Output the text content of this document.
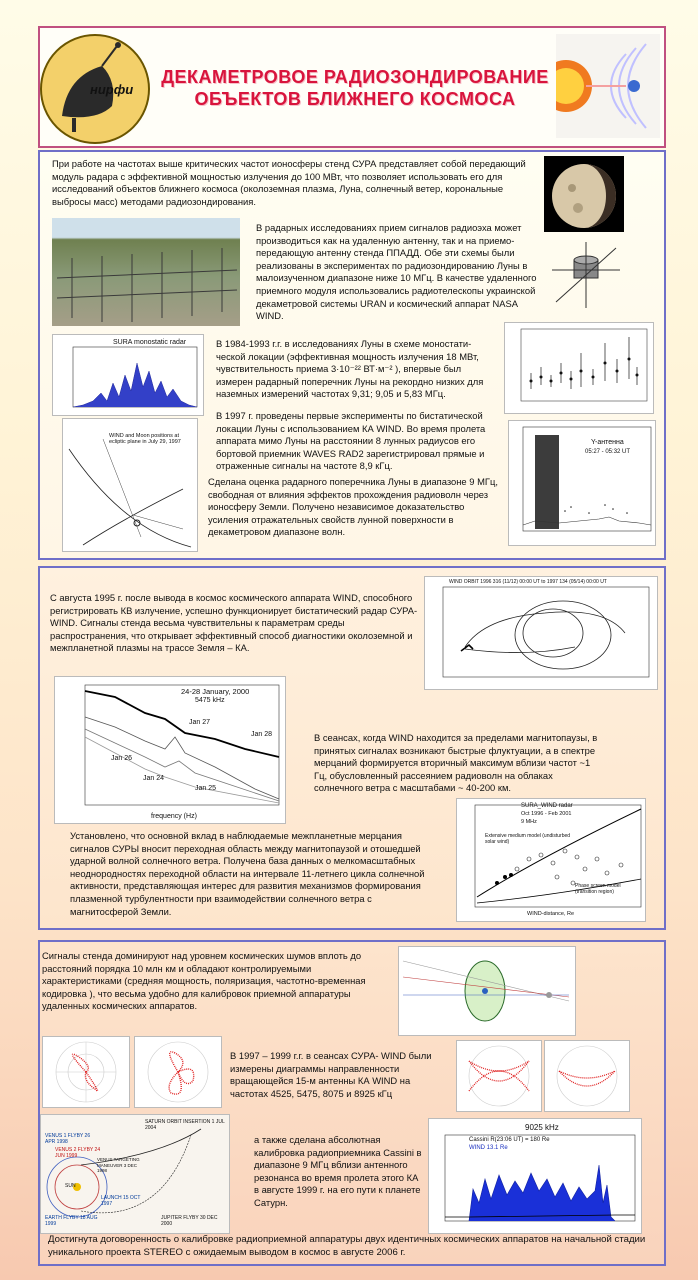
нирфи
ДЕКАМЕТРОВОЕ РАДИОЗОНДИРОВАНИЕ
ОБЪЕКТОВ БЛИЖНЕГО КОСМОСА
При работе на частотах выше критических частот ионосферы стенд СУРА представляет собой передающий модуль радара с эффективной мощностью излучения до 100 МВт, что позволяет использовать его для исследований объектов ближнего космоса (околоземная плазма, Луна, солнечный ветер, корональные выбросы масс) методами радиозондирования.
В радарных исследованиях прием сигналов радиоэха может производиться как на удаленную антенну, так и на приемо-передающую антенну стенда ППАДД. Обе эти схемы были реализованы в экспериментах по радиозондированию Луны в малоизученном диапазоне ниже 10 МГц. В качестве удаленного приемного модуля использовались радиотелескопы украинской декаметровой системы URAN и космический аппарат NASA WIND.
SURA monostatic radar	В 1984-1993 г.г. в исследованиях Луны в схеме моностати-ческой локации (эффективная мощность излучения 18 МВт, чувствительность приема 3·10⁻²² ВТ·м⁻² ), впервые был измерен радарный поперечник Луны на рекордно низких для наземных измерений частотах 9,31; 9,05 и 5,83 МГц.
WIND and Moon positions at ecliptic plane in July 29, 1997
В 1997 г. проведены первые эксперименты по бистатической локации Луны с использованием КА WIND. Во время пролета аппарата мимо Луны на расстоянии 8 лунных радиусов его бортовой приемник WAVES RAD2 зарегистрировал прямые и отраженные сигналы на частоте 8,9 кГц.
Y-антенна
05:27 - 05:32 UT
Сделана оценка радарного поперечника Луны в диапазоне 9 МГц, свободная от влияния эффектов прохождения радиоволн через ионосферу Земли. Получено независимое доказательство усиления отражательных свойств лунной поверхности в декаметровом диапазоне волн.
С августа 1995 г. после вывода в космос космического аппарата WIND, способного регистрировать КВ излучение, успешно функционирует бистатический радар СУРА- WIND. Сигналы стенда весьма чувствительны к параметрам среды распространения, что открывает эффективный способ диагностики околоземной и межпланетной плазмы на трассе Земля – КА.
WIND ORBIT 1996 316 (11/12) 00:00 UT to 1997 134 (05/14) 00:00 UT
24-28 January, 2000
5475 kHz
Jan 27
Jan 28
Jan 26
Jan 24
Jan 25
frequency (Hz)
В сеансах, когда WIND находится за пределами магнитопаузы, в принятых сигналах возникают быстрые флуктуации, а в спектре мерцаний формируется вторичный максимум вблизи частот ~1 Гц, обусловленный рассеянием радиоволн на облаках солнечного ветра с масштабами ~ 40-200 км.
SURA_WIND radar
Oct 1996 - Feb 2001
9 MHz
Extensive medium model (undisturbed solar wind)
Phase screen model (transition region)
WIND-distance, Re
Установлено, что основной вклад в наблюдаемые межпланетные мерцания сигналов СУРЫ вносит переходная область между магнитопаузой и отошедшей ударной волной солнечного ветра. Получена база данных о мелкомасштабных неоднородностях переходной области на интервале 11-летнего цикла солнечной активности, представляющая интерес для развития механизмов формирования плазменной турбулентности при взаимодействии солнечного ветра с магнитосферой Земли.
Сигналы стенда доминируют над уровнем космических шумов вплоть до расстояний порядка 10 млн км и обладают контролируемыми характеристиками (средняя мощность, поляризация, частотно-временная кодировка ), что весьма удобно для калибровок приемной аппаратуры удаленных космических аппаратов.
В 1997 – 1999 г.г. в сеансах СУРА- WIND были измерены диаграммы направленности вращающейся 15-м антенны КА WIND на частотах 4525, 5475, 8075 и 8925 кГц
VENUS 1 FLYBY 26 APR 1998
VENUS 2 FLYBY 24 JUN 1999
VENUS TARGETING MANEUVER 3 DEC 1998
SATURN ORBIT INSERTION 1 JUL 2004
SUN
LAUNCH 15 OCT 1997
EARTH FLYBY 18 AUG 1999
JUPITER FLYBY 30 DEC 2000
а также сделана абсолютная калибровка радиоприемника Cassini в диапазоне 9 МГц вблизи антенного резонанса во время пролета этого КА в августе 1999 г. на его пути к планете Сатурн.
9025 kHz
Cassini R(23:06 UT) = 180 Re
WIND 13.1 Re
Достигнута договоренность о калибровке радиоприемной аппаратуры двух идентичных космических аппаратов на начальной стадии уникального проекта STEREO с ожидаемым выводом в космос в августе 2006 г.
